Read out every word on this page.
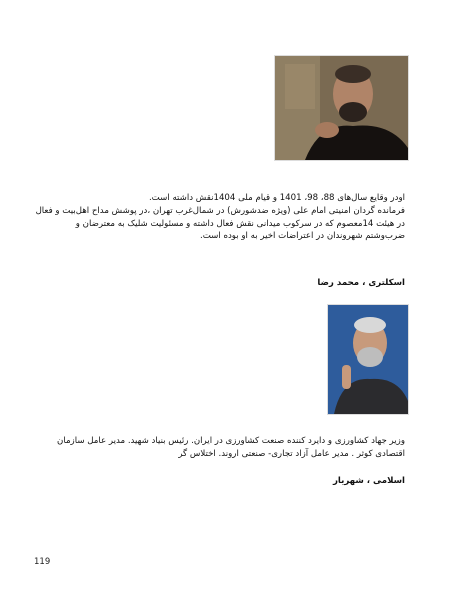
اودر وقایع سال‌های 88، 98، 1401 و قیام ملی 1404نقش داشته است.
فرمانده گردان امنیتی امام علی (ویژه ضدشورش) در شمال‌غرب تهران ،در پوشش مداح اهل‌بیت و فعال
در هیئت 14معصوم که در سرکوب میدانی نقش فعال داشته و مسئولیت شلیک به معترضان و
ضرب‌وشتم شهروندان در اعتراضات اخیر به او بوده است.

اسکلتری ، محمد رضا

وزیر جهاد کشاورزی و دایرد کننده صنعت کشاورزی در ایران. رئیس بنیاد شهید. مدیر عامل سازمان
اقتصادی کوثر . مدیر عامل آزاد تجاری- صنعتی اروند. اختلاس گر

اسلامی ، شهریار

119
